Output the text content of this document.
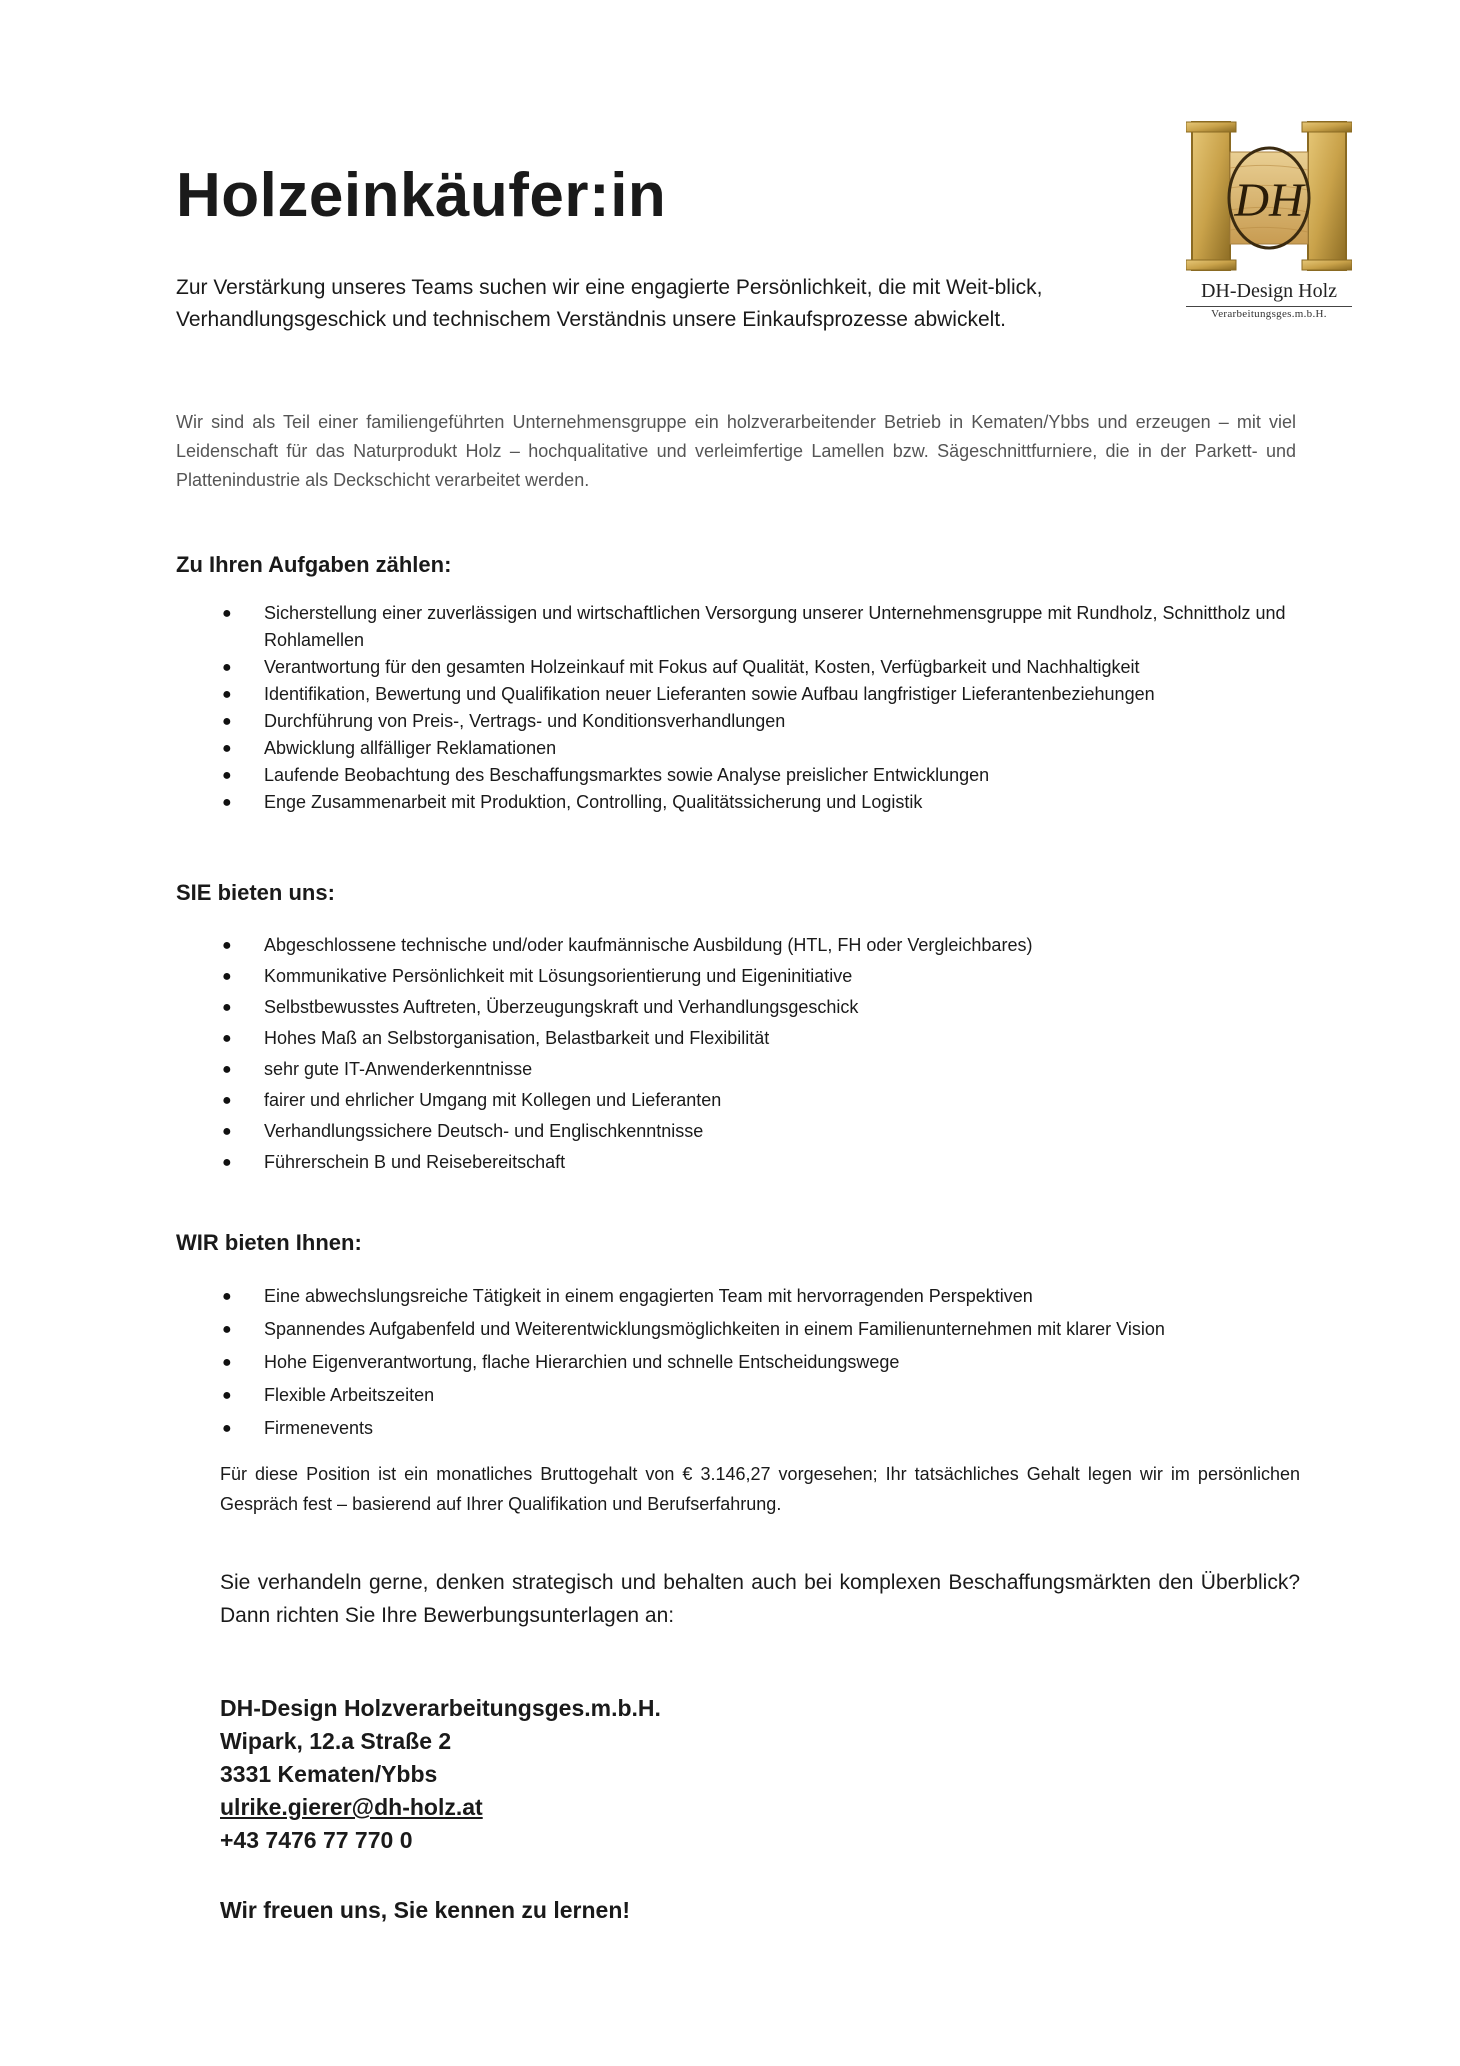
Holzeinkäufer:in

Zur Verstärkung unseres Teams suchen wir eine engagierte Persönlichkeit, die mit Weit-blick, Verhandlungsgeschick und technischem Verständnis unsere Einkaufsprozesse abwickelt.

DH
DH-Design Holz
Verarbeitungsges.m.b.H.

Wir sind als Teil einer familiengeführten Unternehmensgruppe ein holzverarbeitender Betrieb in Kematen/Ybbs und erzeugen – mit viel Leidenschaft für das Naturprodukt Holz – hochqualitative und verleimfertige Lamellen bzw. Sägeschnittfurniere, die in der Parkett- und Plattenindustrie als Deckschicht verarbeitet werden.

Zu Ihren Aufgaben zählen:
● Sicherstellung einer zuverlässigen und wirtschaftlichen Versorgung unserer Unternehmensgruppe mit Rundholz, Schnittholz und Rohlamellen
● Verantwortung für den gesamten Holzeinkauf mit Fokus auf Qualität, Kosten, Verfügbarkeit und Nachhaltigkeit
● Identifikation, Bewertung und Qualifikation neuer Lieferanten sowie Aufbau langfristiger Lieferantenbeziehungen
● Durchführung von Preis-, Vertrags- und Konditionsverhandlungen
● Abwicklung allfälliger Reklamationen
● Laufende Beobachtung des Beschaffungsmarktes sowie Analyse preislicher Entwicklungen
● Enge Zusammenarbeit mit Produktion, Controlling, Qualitätssicherung und Logistik
SIE bieten uns:
● Abgeschlossene technische und/oder kaufmännische Ausbildung (HTL, FH oder Vergleichbares)
● Kommunikative Persönlichkeit mit Lösungsorientierung und Eigeninitiative
● Selbstbewusstes Auftreten, Überzeugungskraft und Verhandlungsgeschick
● Hohes Maß an Selbstorganisation, Belastbarkeit und Flexibilität
● sehr gute IT-Anwenderkenntnisse
● fairer und ehrlicher Umgang mit Kollegen und Lieferanten
● Verhandlungssichere Deutsch- und Englischkenntnisse
● Führerschein B und Reisebereitschaft
WIR bieten Ihnen:
● Eine abwechslungsreiche Tätigkeit in einem engagierten Team mit hervorragenden Perspektiven
● Spannendes Aufgabenfeld und Weiterentwicklungsmöglichkeiten in einem Familienunternehmen mit klarer Vision
● Hohe Eigenverantwortung, flache Hierarchien und schnelle Entscheidungswege
● Flexible Arbeitszeiten
● Firmenevents

Für diese Position ist ein monatliches Bruttogehalt von € 3.146,27 vorgesehen; Ihr tatsächliches Gehalt legen wir im persönlichen Gespräch fest – basierend auf Ihrer Qualifikation und Berufserfahrung.

Sie verhandeln gerne, denken strategisch und behalten auch bei komplexen Beschaffungsmärkten den Überblick? Dann richten Sie Ihre Bewerbungsunterlagen an:

DH-Design Holzverarbeitungsges.m.b.H.
Wipark, 12.a Straße 2
3331 Kematen/Ybbs
ulrike.gierer@dh-holz.at
+43 7476 77 770 0

Wir freuen uns, Sie kennen zu lernen!
